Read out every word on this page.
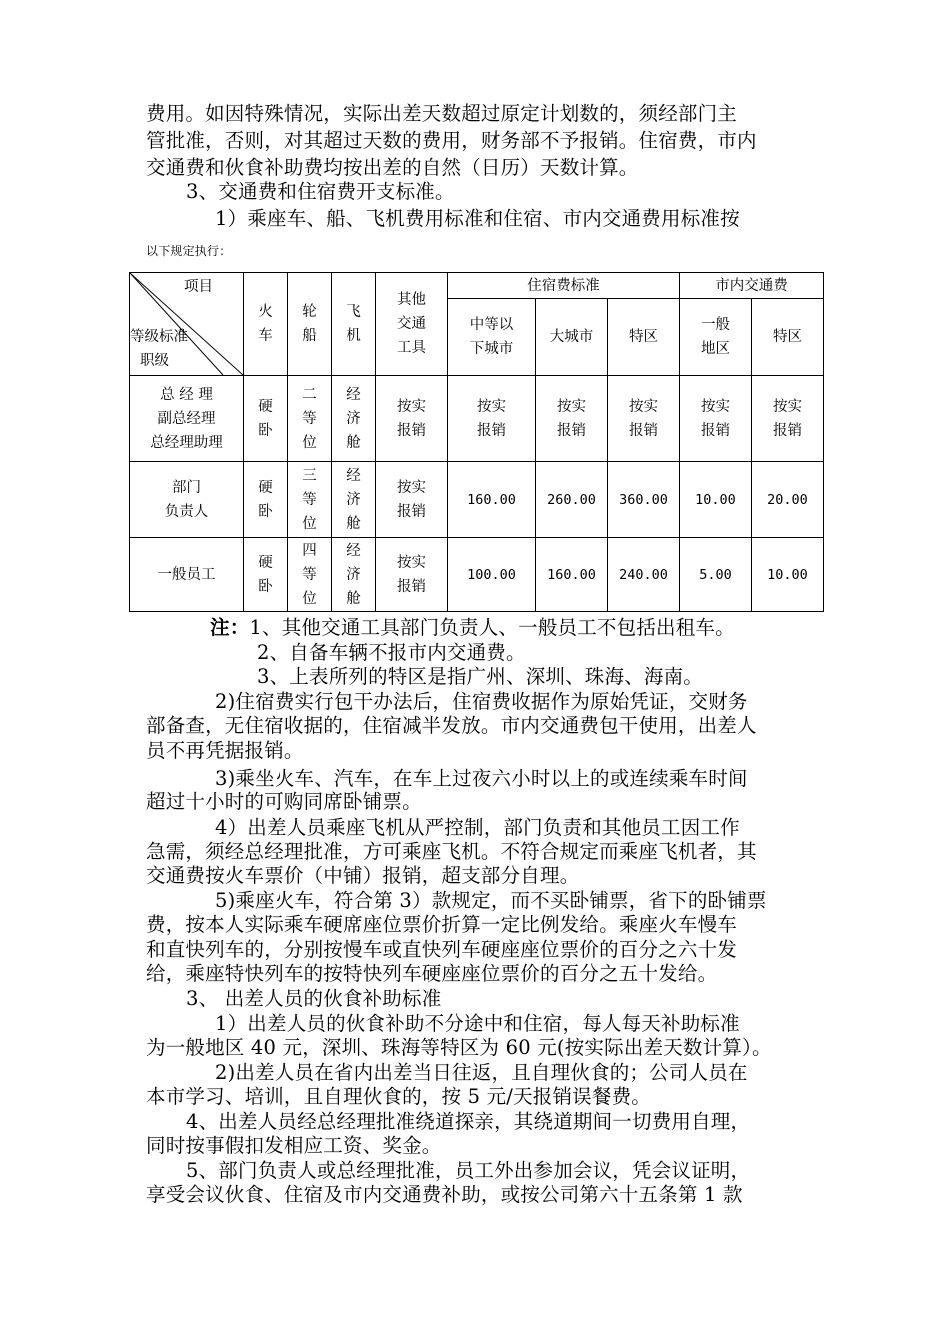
费用。如因特殊情况，实际出差天数超过原定计划数的，须经部门主
管批准，否则，对其超过天数的费用，财务部不予报销。住宿费，市内
交通费和伙食补助费均按出差的自然（日历）天数计算。
3、交通费和住宿费开支标准。
1）乘座车、船、飞机费用标准和住宿、市内交通费用标准按
以下规定执行：
项目
等级标准
职级	火车	轮船	飞机	其他交通工具	住宿费标准			市内交通费	

					中等以下城市	大城市	特区	一般地区	特区

总 经 理
副总经理
总经理助理	硬卧	二等位	经济舱	按实报销	按实报销	按实报销	按实报销	按实报销	按实报销

部门
负责人	硬卧	三等位	经济舱	按实报销	160.00	260.00	360.00	10.00	20.00

一般员工	硬卧	四等位	经济舱	按实报销	100.00	160.00	240.00	5.00	10.00
注：1、其他交通工具部门负责人、一般员工不包括出租车。
2、自备车辆不报市内交通费。
3、上表所列的特区是指广州、深圳、珠海、海南。
2)住宿费实行包干办法后，住宿费收据作为原始凭证，交财务
部备查，无住宿收据的，住宿减半发放。市内交通费包干使用，出差人
员不再凭据报销。
3)乘坐火车、汽车，在车上过夜六小时以上的或连续乘车时间
超过十小时的可购同席卧铺票。
4）出差人员乘座飞机从严控制，部门负责和其他员工因工作
急需，须经总经理批准，方可乘座飞机。不符合规定而乘座飞机者，其
交通费按火车票价（中铺）报销，超支部分自理。
5)乘座火车，符合第 3）款规定，而不买卧铺票，省下的卧铺票
费，按本人实际乘车硬席座位票价折算一定比例发给。乘座火车慢车
和直快列车的，分别按慢车或直快列车硬座座位票价的百分之六十发
给，乘座特快列车的按特快列车硬座座位票价的百分之五十发给。
3、 出差人员的伙食补助标准
1）出差人员的伙食补助不分途中和住宿，每人每天补助标准
为一般地区 40 元，深圳、珠海等特区为 60 元(按实际出差天数计算）。
2)出差人员在省内出差当日往返，且自理伙食的；公司人员在
本市学习、培训，且自理伙食的，按 5 元/天报销误餐费。
4、出差人员经总经理批准绕道探亲，其绕道期间一切费用自理，
同时按事假扣发相应工资、奖金。
5、部门负责人或总经理批准，员工外出参加会议，凭会议证明，
享受会议伙食、住宿及市内交通费补助，或按公司第六十五条第 1 款
